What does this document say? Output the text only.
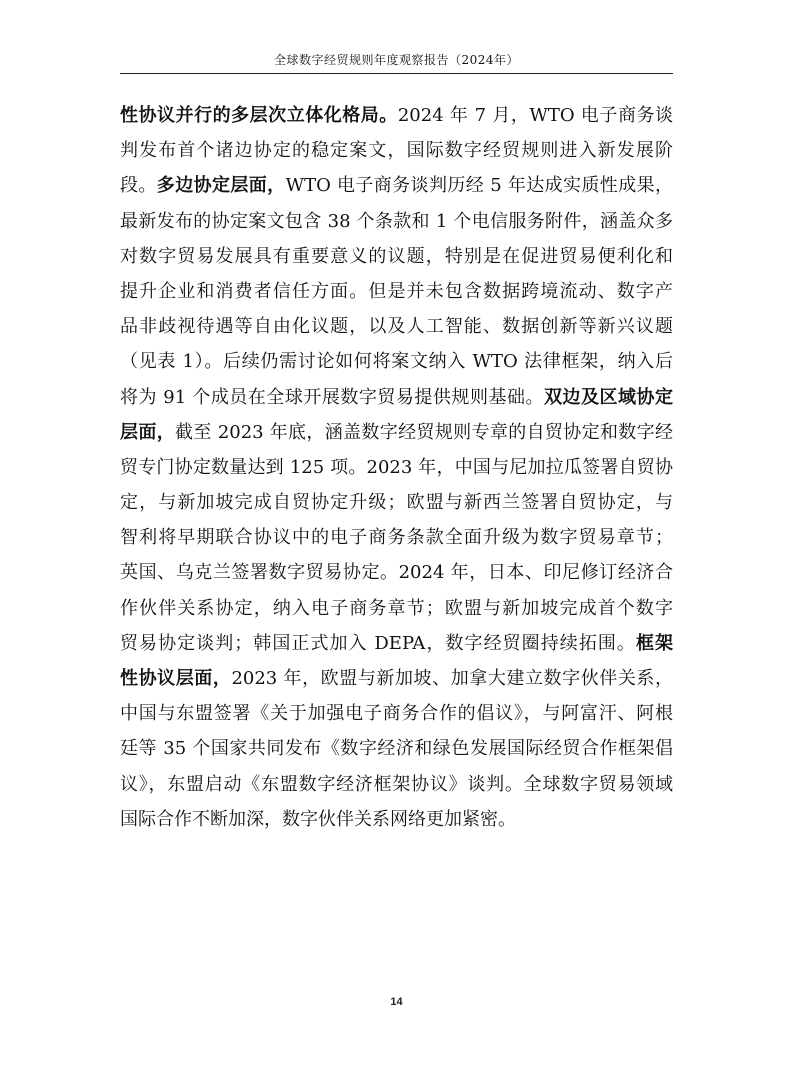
全球数字经贸规则年度观察报告（2024年）
性协议并行的多层次立体化格局。2024 年 7 月，WTO 电子商务谈
判发布首个诸边协定的稳定案文，国际数字经贸规则进入新发展阶
段。多边协定层面，WTO 电子商务谈判历经 5 年达成实质性成果，
最新发布的协定案文包含 38 个条款和 1 个电信服务附件，涵盖众多
对数字贸易发展具有重要意义的议题，特别是在促进贸易便利化和
提升企业和消费者信任方面。但是并未包含数据跨境流动、数字产
品非歧视待遇等自由化议题，以及人工智能、数据创新等新兴议题
（见表 1）。后续仍需讨论如何将案文纳入 WTO 法律框架，纳入后
将为 91 个成员在全球开展数字贸易提供规则基础。双边及区域协定
层面，截至 2023 年底，涵盖数字经贸规则专章的自贸协定和数字经
贸专门协定数量达到 125 项。2023 年，中国与尼加拉瓜签署自贸协
定，与新加坡完成自贸协定升级；欧盟与新西兰签署自贸协定，与
智利将早期联合协议中的电子商务条款全面升级为数字贸易章节；
英国、乌克兰签署数字贸易协定。2024 年，日本、印尼修订经济合
作伙伴关系协定，纳入电子商务章节；欧盟与新加坡完成首个数字
贸易协定谈判；韩国正式加入 DEPA，数字经贸圈持续拓围。框架
性协议层面，2023 年，欧盟与新加坡、加拿大建立数字伙伴关系，
中国与东盟签署《关于加强电子商务合作的倡议》，与阿富汗、阿根
廷等 35 个国家共同发布《数字经济和绿色发展国际经贸合作框架倡
议》，东盟启动《东盟数字经济框架协议》谈判。全球数字贸易领域
国际合作不断加深，数字伙伴关系网络更加紧密。
14
